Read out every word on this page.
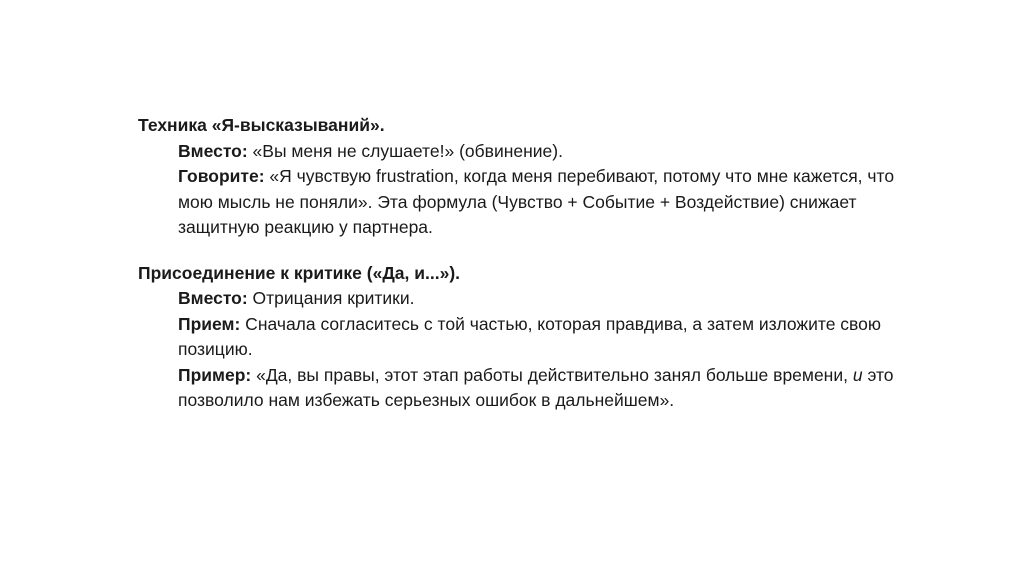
Техника «Я-высказываний».

Вместо: «Вы меня не слушаете!» (обвинение).

Говорите: «Я чувствую frustration, когда меня перебивают, потому что мне кажется, что мою мысль не поняли». Эта формула (Чувство + Событие + Воздействие) снижает защитную реакцию у партнера.

Присоединение к критике («Да, и...»).

Вместо: Отрицания критики.

Прием: Сначала согласитесь с той частью, которая правдива, а затем изложите свою позицию.

Пример: «Да, вы правы, этот этап работы действительно занял больше времени, и это позволило нам избежать серьезных ошибок в дальнейшем».
